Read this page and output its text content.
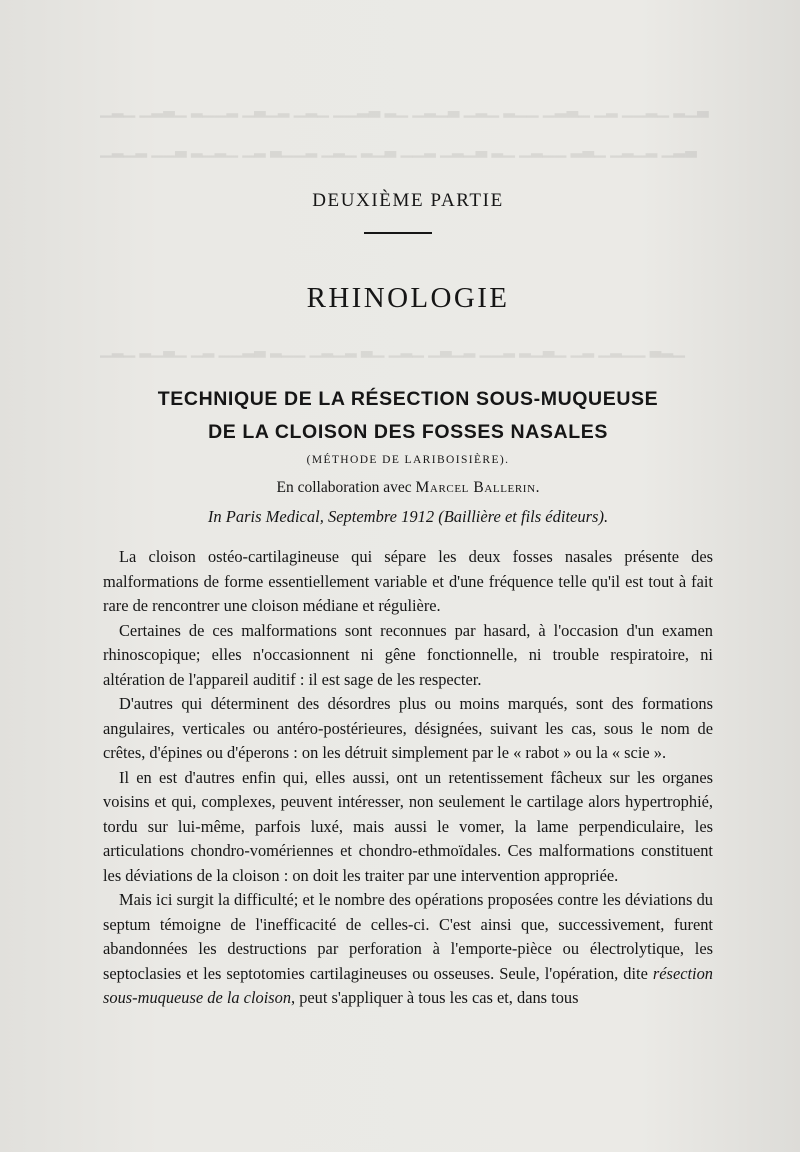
▁▂▁ ▁▂▃▁ ▂▁▁▂ ▁▃▁▂ ▁▂▁ ▁▁▂▃ ▂▁ ▁▂▁▃ ▁▂▁ ▂▁▁ ▁▂▃▁ ▁▂ ▁▁▂▁ ▂▁▃
▁▂▁▂ ▁▁▃ ▂▁▂▁ ▁▂ ▃▁▁▂ ▁▂▁ ▂▁▃ ▁▁▂ ▁▂▁▃ ▂▁ ▁▂▁▁ ▂▃▁ ▁▂▁▂ ▁▂▃
▁▂▁ ▂▁▃▁ ▁▂ ▁▁▂▃ ▂▁▁ ▁▂▁▂ ▃▁ ▁▂▁ ▁▃▁▂ ▁▁▂ ▂▁▃▁ ▁▂ ▁▂▁▁ ▃▂▁
DEUXIÈME PARTIE
RHINOLOGIE
TECHNIQUE DE LA RÉSECTION SOUS-MUQUEUSE
DE LA CLOISON DES FOSSES NASALES
(MÉTHODE DE LARIBOISIÈRE).
En collaboration avec Marcel Ballerin.
In Paris Medical, Septembre 1912 (Baillière et fils éditeurs).

La cloison ostéo-cartilagineuse qui sépare les deux fosses nasales présente des malformations de forme essentiellement variable et d'une fréquence telle qu'il est tout à fait rare de rencontrer une cloison médiane et régulière.

Certaines de ces malformations sont reconnues par hasard, à l'occasion d'un examen rhinoscopique; elles n'occasionnent ni gêne fonctionnelle, ni trouble respiratoire, ni altération de l'appareil auditif : il est sage de les respecter.

D'autres qui déterminent des désordres plus ou moins marqués, sont des formations angulaires, verticales ou antéro-postérieures, désignées, suivant les cas, sous le nom de crêtes, d'épines ou d'éperons : on les détruit simplement par le « rabot » ou la « scie ».

Il en est d'autres enfin qui, elles aussi, ont un retentissement fâcheux sur les organes voisins et qui, complexes, peuvent intéresser, non seulement le cartilage alors hypertrophié, tordu sur lui-même, parfois luxé, mais aussi le vomer, la lame perpendiculaire, les articulations chondro-vomériennes et chondro-ethmoïdales. Ces malformations constituent les déviations de la cloison : on doit les traiter par une intervention appropriée.

Mais ici surgit la difficulté; et le nombre des opérations proposées contre les déviations du septum témoigne de l'inefficacité de celles-ci. C'est ainsi que, successivement, furent abandonnées les destructions par perforation à l'emporte-pièce ou électrolytique, les septoclasies et les septotomies cartilagineuses ou osseuses. Seule, l'opération, dite résection sous-muqueuse de la cloison, peut s'appliquer à tous les cas et, dans tous
